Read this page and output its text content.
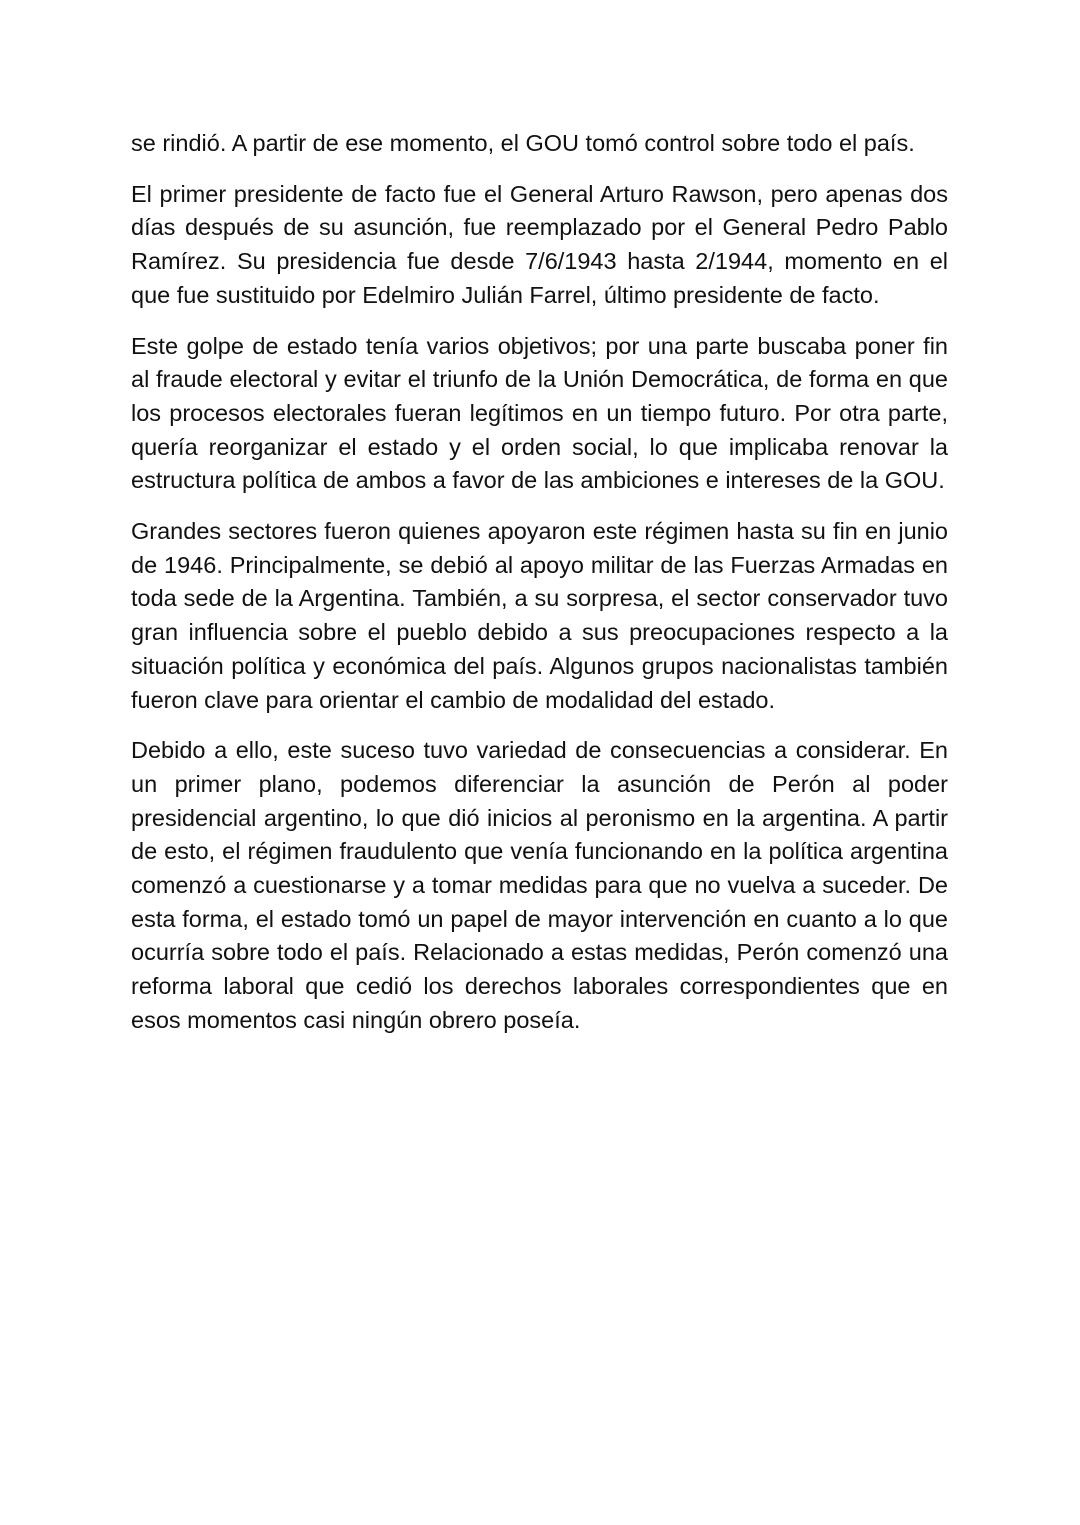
se rindió. A partir de ese momento, el GOU tomó control sobre todo el país.

El primer presidente de facto fue el General Arturo Rawson, pero apenas dos días después de su asunción, fue reemplazado por el General Pedro Pablo Ramírez. Su presidencia fue desde 7/6/1943 hasta 2/1944, momento en el que fue sustituido por Edelmiro Julián Farrel, último presidente de facto.

Este golpe de estado tenía varios objetivos; por una parte buscaba poner fin al fraude electoral y evitar el triunfo de la Unión Democrática, de forma en que los procesos electorales fueran legítimos en un tiempo futuro. Por otra parte, quería reorganizar el estado y el orden social, lo que implicaba renovar la estructura política de ambos a favor de las ambiciones e intereses de la GOU.

Grandes sectores fueron quienes apoyaron este régimen hasta su fin en junio de 1946. Principalmente, se debió al apoyo militar de las Fuerzas Armadas en toda sede de la Argentina. También, a su sorpresa, el sector conservador tuvo gran influencia sobre el pueblo debido a sus preocupaciones respecto a la situación política y económica del país. Algunos grupos nacionalistas también fueron clave para orientar el cambio de modalidad del estado.

Debido a ello, este suceso tuvo variedad de consecuencias a considerar. En un primer plano, podemos diferenciar la asunción de Perón al poder presidencial argentino, lo que dió inicios al peronismo en la argentina. A partir de esto, el régimen fraudulento que venía funcionando en la política argentina comenzó a cuestionarse y a tomar medidas para que no vuelva a suceder. De esta forma, el estado tomó un papel de mayor intervención en cuanto a lo que ocurría sobre todo el país. Relacionado a estas medidas, Perón comenzó una reforma laboral que cedió los derechos laborales correspondientes que en esos momentos casi ningún obrero poseía.
